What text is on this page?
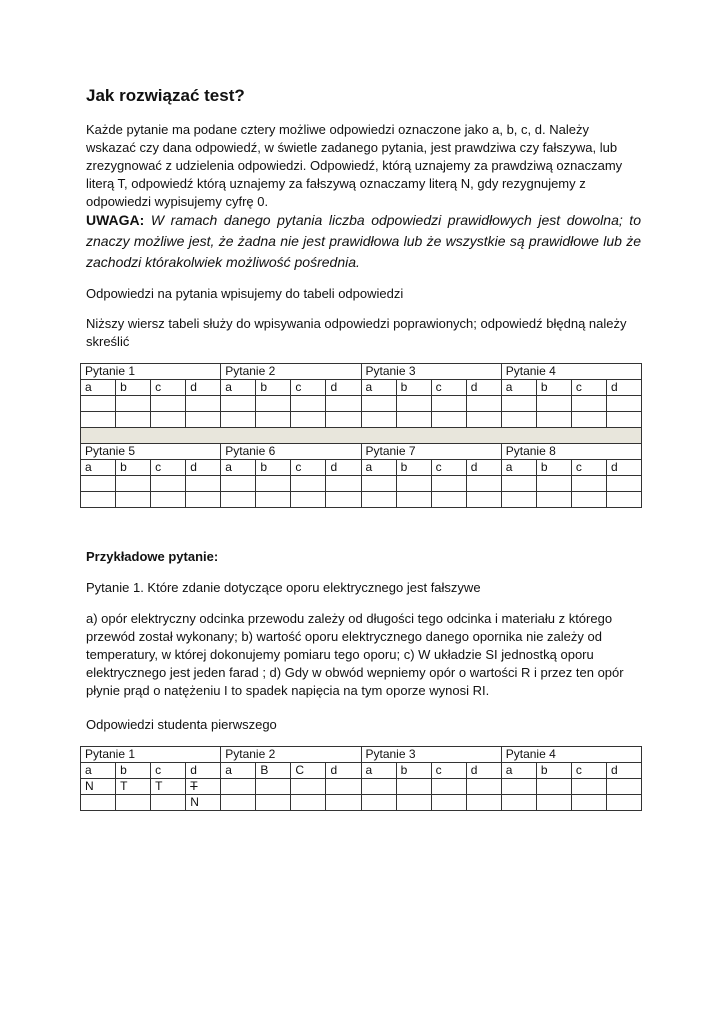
Jak rozwiązać test?

Każde pytanie ma podane cztery możliwe odpowiedzi oznaczone jako a, b, c, d. Należy wskazać czy dana odpowiedź, w świetle zadanego pytania, jest prawdziwa czy fałszywa, lub zrezygnować z udzielenia odpowiedzi. Odpowiedź, którą uznajemy za prawdziwą oznaczamy literą T, odpowiedź którą uznajemy za fałszywą oznaczamy literą N, gdy rezygnujemy z odpowiedzi wypisujemy cyfrę 0.

UWAGA: W ramach danego pytania liczba odpowiedzi prawidłowych jest dowolna; to znaczy możliwe jest, że żadna nie jest prawidłowa lub że wszystkie są prawidłowe lub że zachodzi którakolwiek możliwość pośrednia.

Odpowiedzi na pytania wpisujemy do tabeli odpowiedzi

Niższy wiersz tabeli służy do wpisywania odpowiedzi poprawionych; odpowiedź błędną należy skreślić

Pytanie 1				Pytanie 2				Pytanie 3				Pytanie 4			
a	b	c	d	a	b	c	d	a	b	c	d	a	b	c	d

Pytanie 5				Pytanie 6				Pytanie 7				Pytanie 8			
a	b	c	d	a	b	c	d	a	b	c	d	a	b	c	d

Przykładowe pytanie:

Pytanie 1. Które zdanie dotyczące oporu elektrycznego jest fałszywe

a) opór elektryczny odcinka przewodu zależy od długości tego odcinka i materiału z którego przewód został wykonany; b) wartość oporu elektrycznego danego opornika nie zależy od temperatury, w której dokonujemy pomiaru tego oporu; c) W układzie SI jednostką oporu elektrycznego jest jeden farad ; d) Gdy w obwód wepniemy opór o wartości R i przez ten opór płynie prąd o natężeniu I to spadek napięcia na tym oporze wynosi RI.

Odpowiedzi studenta pierwszego

Pytanie 1				Pytanie 2				Pytanie 3				Pytanie 4			
a	b	c	d	a	B	C	d	a	b	c	d	a	b	c	d
N	T	T	T												
			N												
